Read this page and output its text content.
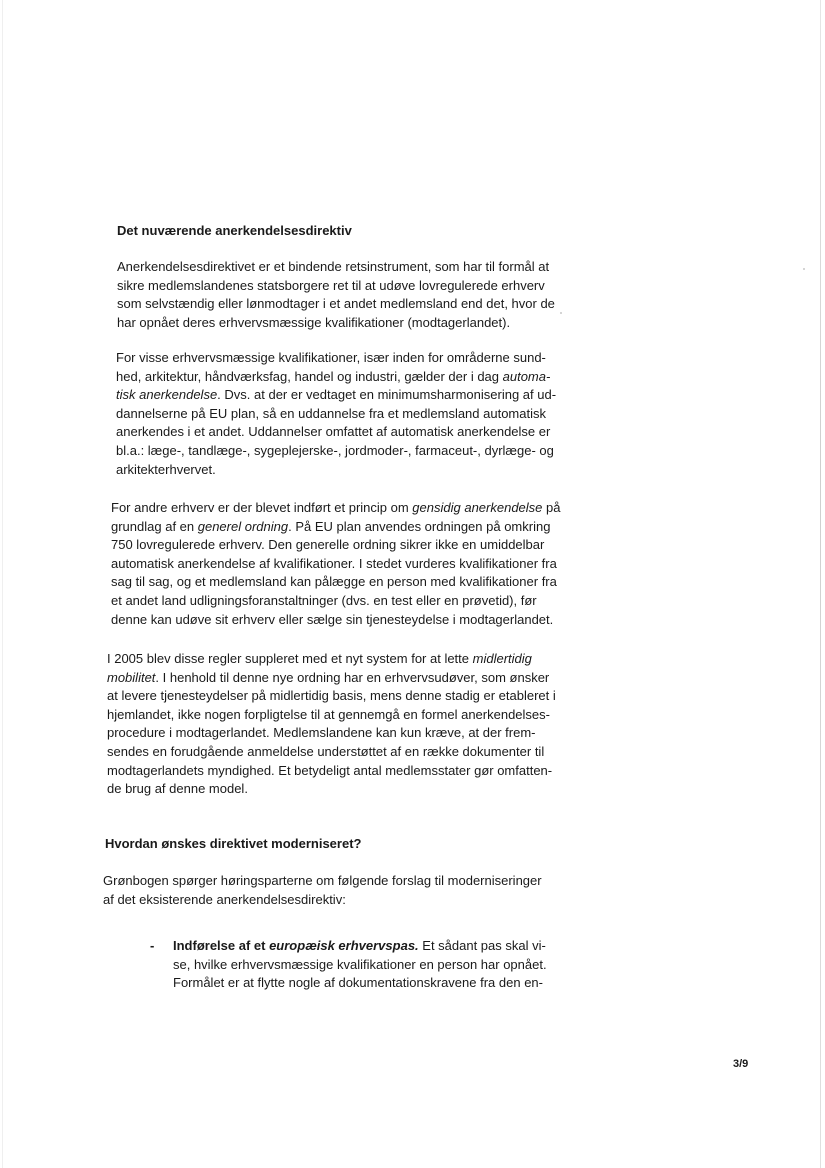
Det nuværende anerkendelsesdirektiv
Anerkendelsesdirektivet er et bindende retsinstrument, som har til formål at
sikre medlemslandenes statsborgere ret til at udøve lovregulerede erhverv
som selvstændig eller lønmodtager i et andet medlemsland end det, hvor de
har opnået deres erhvervsmæssige kvalifikationer (modtagerlandet).
For visse erhvervsmæssige kvalifikationer, især inden for områderne sund-
hed, arkitektur, håndværksfag, handel og industri, gælder der i dag automa-
tisk anerkendelse. Dvs. at der er vedtaget en minimumsharmonisering af ud-
dannelserne på EU plan, så en uddannelse fra et medlemsland automatisk
anerkendes i et andet. Uddannelser omfattet af automatisk anerkendelse er
bl.a.: læge-, tandlæge-, sygeplejerske-, jordmoder-, farmaceut-, dyrlæge- og
arkitekterhvervet.
For andre erhverv er der blevet indført et princip om gensidig anerkendelse på
grundlag af en generel ordning. På EU plan anvendes ordningen på omkring
750 lovregulerede erhverv. Den generelle ordning sikrer ikke en umiddelbar
automatisk anerkendelse af kvalifikationer. I stedet vurderes kvalifikationer fra
sag til sag, og et medlemsland kan pålægge en person med kvalifikationer fra
et andet land udligningsforanstaltninger (dvs. en test eller en prøvetid), før
denne kan udøve sit erhverv eller sælge sin tjenesteydelse i modtagerlandet.
I 2005 blev disse regler suppleret med et nyt system for at lette midlertidig
mobilitet. I henhold til denne nye ordning har en erhvervsudøver, som ønsker
at levere tjenesteydelser på midlertidig basis, mens denne stadig er etableret i
hjemlandet, ikke nogen forpligtelse til at gennemgå en formel anerkendelses-
procedure i modtagerlandet. Medlemslandene kan kun kræve, at der frem-
sendes en forudgående anmeldelse understøttet af en række dokumenter til
modtagerlandets myndighed. Et betydeligt antal medlemsstater gør omfatten-
de brug af denne model.
Hvordan ønskes direktivet moderniseret?
Grønbogen spørger høringsparterne om følgende forslag til moderniseringer
af det eksisterende anerkendelsesdirektiv:
- Indførelse af et europæisk erhvervspas. Et sådant pas skal vi-
se, hvilke erhvervsmæssige kvalifikationer en person har opnået.
Formålet er at flytte nogle af dokumentationskravene fra den en-
3/9
